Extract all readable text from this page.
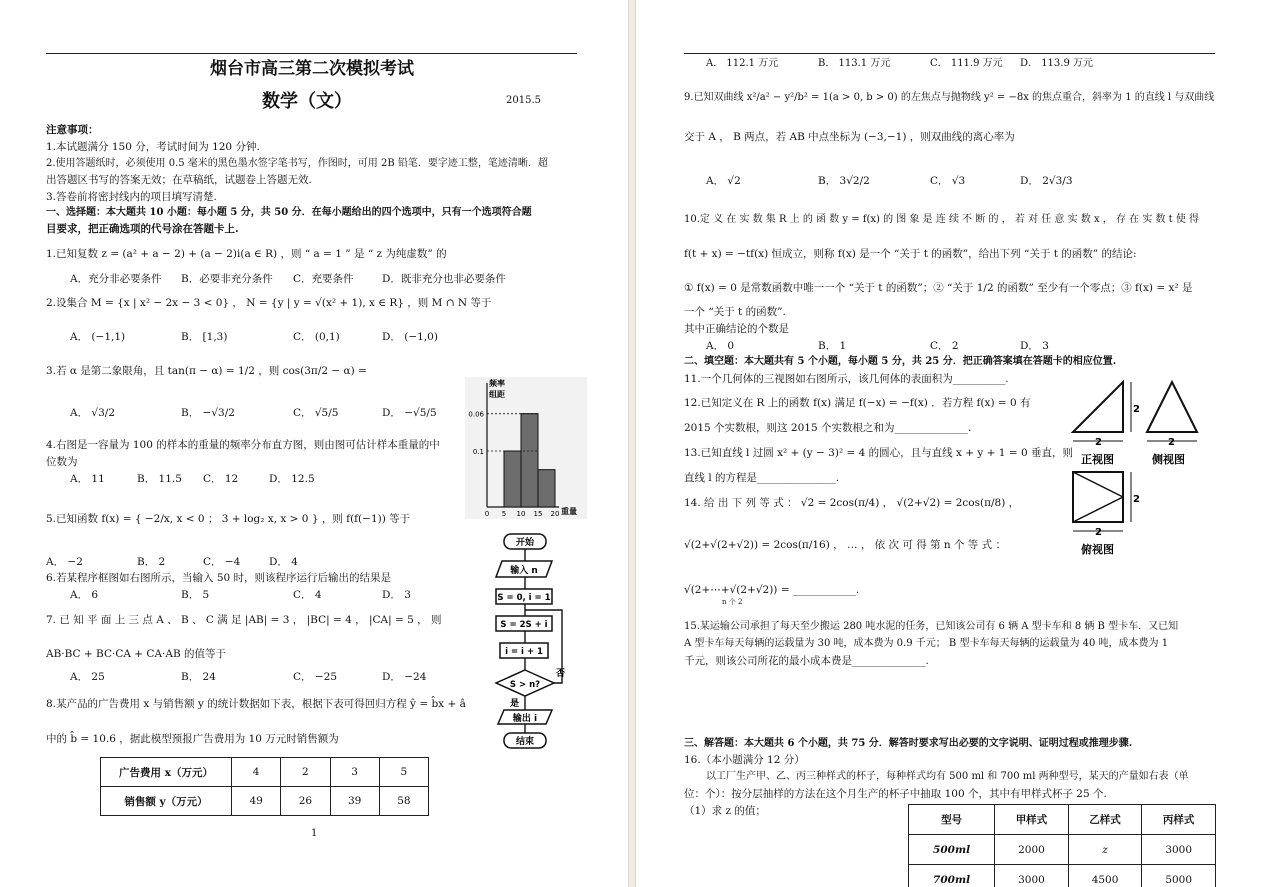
烟台市高三第二次模拟考试
数学（文）	2015.5
注意事项：
1.本试题满分 150 分，考试时间为 120 分钟.
2.使用答题纸时，必须使用 0.5 毫米的黑色墨水签字笔书写，作图时，可用 2B 铅笔．要字迹工整，笔迹清晰．超
出答题区书写的答案无效；在草稿纸，试题卷上答题无效.
3.答卷前将密封线内的项目填写清楚.
一、选择题：本大题共 10 小题：每小题 5 分，共 50 分．在每小题给出的四个选项中，只有一个选项符合题
目要求，把正确选项的代号涂在答题卡上.
1.已知复数 z = (a² + a − 2) + (a − 2)i(a ∈ R) ，则 “ a = 1 ” 是 “ z 为纯虚数” 的
A．充分非必要条件 B．必要非充分条件 C．充要条件	D．既非充分也非必要条件
2.设集合 M = {x | x² − 2x − 3 < 0} ， N = {y | y = √(x² + 1), x ∈ R} ，则 M ∩ N 等于
A． (−1,1)	B． [1,3)	C． (0,1)	D． (−1,0)
3.若 α 是第二象限角，且 tan(π − α) = 1/2 ，则 cos(3π/2 − α) =
A． √3/2	B． −√3/2	C． √5/5	D． −√5/5
4.右图是一容量为 100 的样本的重量的频率分布直方图，则由图可估计样本重量的中
位数为
A． 11	B． 11.5 C． 12	D． 12.5
5.已知函数 f(x) = { −2/x, x < 0 ； 3 + log₂ x, x > 0 } ，则 f(f(−1)) 等于
A． −2	B． 2	C． −4	D． 4
6.若某程序框图如右图所示，当输入 50 时，则该程序运行后输出的结果是
A． 6	B． 5	C． 4	D． 3
7. 已 知 平 面 上 三 点 A 、 B 、 C 满 足 |AB| = 3 ， |BC| = 4 ， |CA| = 5 ， 则
AB·BC + BC·CA + CA·AB 的值等于
A． 25	B． 24	C． −25	D． −24
8.某产品的广告费用 x 与销售额 y 的统计数据如下表，根据下表可得回归方程 ŷ = b̂x + â
中的 b̂ = 10.6 ，据此模型预报广告费用为 10 万元时销售额为
广告费用 x（万元）	4	2	3	5
销售额 y（万元）	49	26	39	58
1
频率
组距
重量
0.1
0.06
0 5 10 15 20
开始
输入 n
S = 0, i = 1
S = 2S + i
i = i + 1
S > n?
否
是
输出 i
结束
A． 112.1 万元	B． 113.1 万元	C． 111.9 万元 D． 113.9 万元
9.已知双曲线 x²/a² − y²/b² = 1(a > 0, b > 0) 的左焦点与抛物线 y² = −8x 的焦点重合，斜率为 1 的直线 l 与双曲线
交于 A ， B 两点，若 AB 中点坐标为 (−3,−1) ，则双曲线的离心率为
A． √2	B． 3√2/2	C． √3	D． 2√3/3
10.定 义 在 实 数 集 R 上 的 函 数 y = f(x) 的 图 象 是 连 续 不 断 的 ， 若 对 任 意 实 数 x ， 存 在 实 数 t 使 得
f(t + x) = −tf(x) 恒成立，则称 f(x) 是一个 “关于 t 的函数”，给出下列 “关于 t 的函数” 的结论:
① f(x) = 0 是常数函数中唯一一个 “关于 t 的函数”；② “关于 1/2 的函数” 至少有一个零点；③ f(x) = x² 是
一个 “关于 t 的函数”.
其中正确结论的个数是
A． 0	B． 1	C． 2	D． 3
二、填空题：本大题共有 5 个小题，每小题 5 分，共 25 分．把正确答案填在答题卡的相应位置.
11.一个几何体的三视图如右图所示，该几何体的表面积为__________.
12.已知定义在 R 上的函数 f(x) 满足 f(−x) = −f(x) ．若方程 f(x) = 0 有
2015 个实数根，则这 2015 个实数根之和为______________.
13.已知直线 l 过圆 x² + (y − 3)² = 4 的圆心，且与直线 x + y + 1 = 0 垂直，则
直线 l 的方程是_______________.
14. 给 出 下 列 等 式 ： √2 = 2cos(π/4) ， √(2+√2) = 2cos(π/8) ，
√(2+√(2+√2)) = 2cos(π/16) ， … ， 依 次 可 得 第 n 个 等 式 ：
√(2+⋯+√(2+√2)) = ____________.
n 个 2
15.某运输公司承担了每天至少搬运 280 吨水泥的任务，已知该公司有 6 辆 A 型卡车和 8 辆 B 型卡车．又已知
A 型卡车每天每辆的运载量为 30 吨，成本费为 0.9 千元； B 型卡车每天每辆的运载量为 40 吨，成本费为 1
千元，则该公司所花的最小成本费是______________.
三、解答题：本大题共 6 个小题，共 75 分．解答时要求写出必要的文字说明、证明过程或推理步骤.
16.（本小题满分 12 分）
以工厂生产甲、乙、丙三种样式的杯子，每种样式均有 500 ml 和 700 ml 两种型号，某天的产量如右表（单
位：个）：按分层抽样的方法在这个月生产的杯子中抽取 100 个，其中有甲样式杯子 25 个.
（1）求 z 的值；
型号	甲样式	乙样式	丙样式
500ml	2000	z	3000
700ml	3000	4500	5000
2
2
正视图
2
侧视图
2
2
俯视图
